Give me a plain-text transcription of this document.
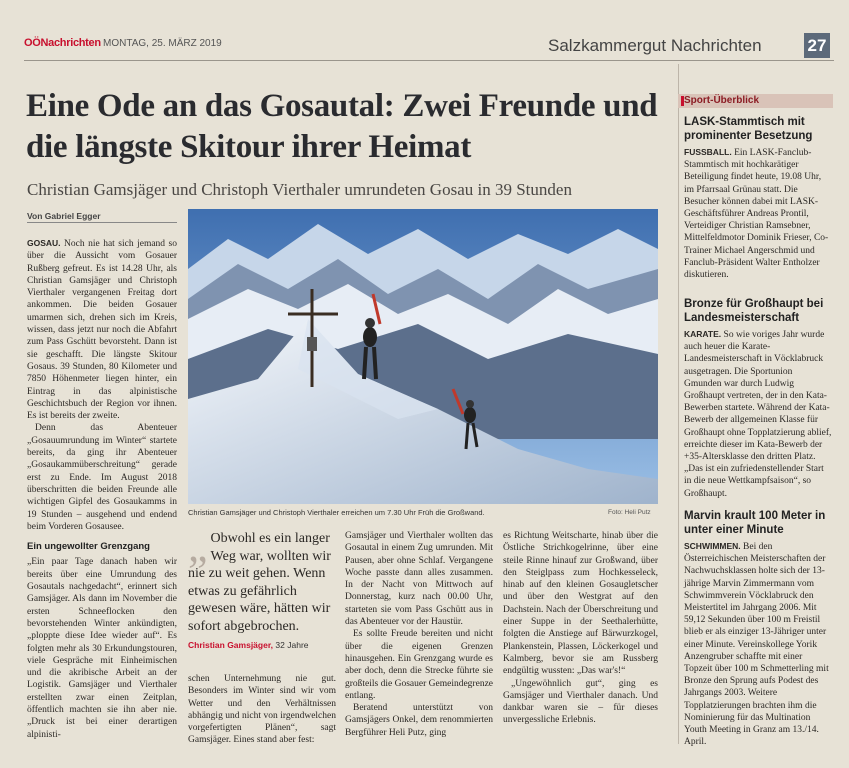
OÖNachrichten MONTAG, 25. MÄRZ 2019	Salzkammergut Nachrichten	27
Eine Ode an das Gosautal: Zwei Freunde und die längste Skitour ihrer Heimat
Christian Gamsjäger und Christoph Vierthaler umrundeten Gosau in 39 Stunden
Von Gabriel Egger
Christian Gamsjäger und Christoph Vierthaler erreichen um 7.30 Uhr Früh die Großwand.	Foto: Heli Putz

GOSAU. Noch nie hat sich jemand so über die Aussicht vom Gosauer Rußberg gefreut. Es ist 14.28 Uhr, als Christian Gamsjäger und Christoph Vierthaler vergangenen Freitag dort ankommen. Die beiden Gosauer umarmen sich, drehen sich im Kreis, wissen, dass jetzt nur noch die Abfahrt zum Pass Gschütt bevorsteht. Dann ist sie geschafft. Die längste Skitour Gosaus. 39 Stunden, 80 Kilometer und 7850 Höhenmeter liegen hinter, ein Eintrag in das alpinistische Geschichtsbuch der Region vor ihnen. Es ist bereits der zweite.

Denn das Abenteuer „Gosauumrundung im Winter“ startete bereits, da ging ihr Abenteuer „Gosaukammüberschreitung“ gerade erst zu Ende. Im August 2018 überschritten die beiden Freunde alle wichtigen Gipfel des Gosaukamms in 19 Stunden – ausgehend und endend beim Vorderen Gosausee.

Ein ungewollter Grenzgang

„Ein paar Tage danach haben wir bereits über eine Umrundung des Gosautals nachgedacht“, erinnert sich Gamsjäger. Als dann im November die ersten Schneeflocken den bevorstehenden Winter ankündigten, „ploppte diese Idee wieder auf“. Es folgten mehr als 30 Erkundungstouren, viele Gespräche mit Einheimischen und die akribische Arbeit an der Logistik. Gamsjäger und Vierthaler erstellten zwar einen Zeitplan, öffentlich machten sie ihn aber nie. „Druck ist bei einer derartigen alpinisti-

„ Obwohl es ein langer Weg war, wollten wir nie zu weit gehen. Wenn etwas zu gefährlich gewesen wäre, hätten wir sofort abgebrochen.
Christian Gamsjäger, 32 Jahre

schen Unternehmung nie gut. Besonders im Winter sind wir vom Wetter und den Verhältnissen abhängig und nicht von irgendwelchen vorgefertigten Plänen“, sagt Gamsjäger. Eines stand aber fest:

Gamsjäger und Vierthaler wollten das Gosautal in einem Zug umrunden. Mit Pausen, aber ohne Schlaf. Vergangene Woche passte dann alles zusammen. In der Nacht von Mittwoch auf Donnerstag, kurz nach 00.00 Uhr, starteten sie vom Pass Gschütt aus in das Abenteuer vor der Haustür.

Es sollte Freude bereiten und nicht über die eigenen Grenzen hinausgehen. Ein Grenzgang wurde es aber doch, denn die Strecke führte sie großteils die Gosauer Gemeindegrenze entlang.

Beratend unterstützt von Gamsjägers Onkel, dem renommierten Bergführer Heli Putz, ging

es Richtung Weitscharte, hinab über die Östliche Strichkogelrinne, über eine steile Rinne hinauf zur Großwand, über den Steiglpass zum Hochkesseleck, hinab auf den kleinen Gosaugletscher und über den Westgrat auf den Dachstein. Nach der Überschreitung und einer Suppe in der Seethalerhütte, folgten die Anstiege auf Bärwurzkogel, Plankenstein, Plassen, Löckerkogel und Kalmberg, bevor sie am Russberg endgültig wussten: „Das war's!“

„Ungewöhnlich gut“, ging es Gamsjäger und Vierthaler danach. Und dankbar waren sie – für dieses unvergessliche Erlebnis.

Sport-Überblick
LASK-Stammtisch mit prominenter Besetzung

FUSSBALL. Ein LASK-Fanclub-Stammtisch mit hochkarätiger Beteiligung findet heute, 19.08 Uhr, im Pfarrsaal Grünau statt. Die Besucher können dabei mit LASK-Geschäftsführer Andreas Prontil, Verteidiger Christian Ramsebner, Mittelfeldmotor Dominik Frieser, Co-Trainer Michael Angerschmid und Fanclub-Präsident Walter Entholzer diskutieren.

Bronze für Großhaupt bei Landesmeisterschaft

KARATE. So wie voriges Jahr wurde auch heuer die Karate-Landesmeisterschaft in Vöcklabruck ausgetragen. Die Sportunion Gmunden war durch Ludwig Großhaupt vertreten, der in den Kata-Bewerben startete. Während der Kata-Bewerb der allgemeinen Klasse für Großhaupt ohne Topplatzierung ablief, erreichte dieser im Kata-Bewerb der +35-Altersklasse den dritten Platz. „Das ist ein zufriedenstellender Start in die neue Wettkampfsaison“, so Großhaupt.

Marvin krault 100 Meter in unter einer Minute

SCHWIMMEN. Bei den Österreichischen Meisterschaften der Nachwuchsklassen holte sich der 13-jährige Marvin Zimmermann vom Schwimmverein Vöcklabruck den Meistertitel im Jahrgang 2006. Mit 59,12 Sekunden über 100 m Freistil blieb er als einziger 13-Jähriger unter einer Minute. Vereinskollege Yorik Anzengruber schaffte mit einer Topzeit über 100 m Schmetterling mit Bronze den Sprung aufs Podest des Jahrgangs 2003. Weitere Topplatzierungen brachten ihm die Nominierung für das Multination Youth Meeting in Granz am 13./14. April.
